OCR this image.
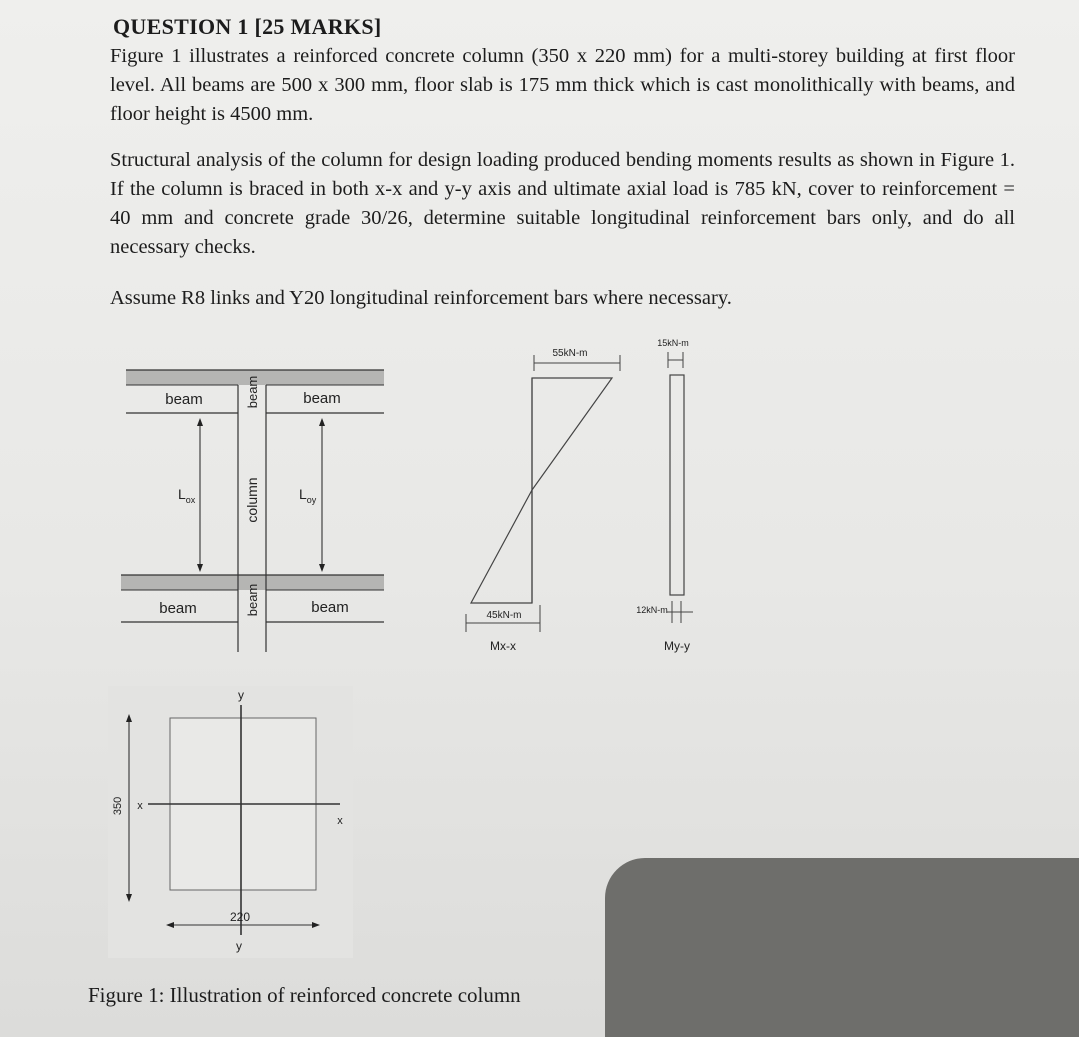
QUESTION 1 [25 MARKS]

Figure 1 illustrates a reinforced concrete column (350 x 220 mm) for a multi-storey building at first floor level. All beams are 500 x 300 mm, floor slab is 175 mm thick which is cast monolithically with beams, and floor height is 4500 mm.

Structural analysis of the column for design loading produced bending moments results as shown in Figure 1. If the column is braced in both x-x and y-y axis and ultimate axial load is 785 kN, cover to reinforcement = 40 mm and concrete grade 30/26, determine suitable longitudinal reinforcement bars only, and do all necessary checks.

Assume R8 links and Y20 longitudinal reinforcement bars where necessary.

beam	beam
beam	beam
beam
column
beam
$L_{ox}$	$L_{oy}$
55kN-m
45kN-m
Mx-x
15kN-m
12kN-m
My-y
x
x
y
y
350
220

Figure 1: Illustration of reinforced concrete column
